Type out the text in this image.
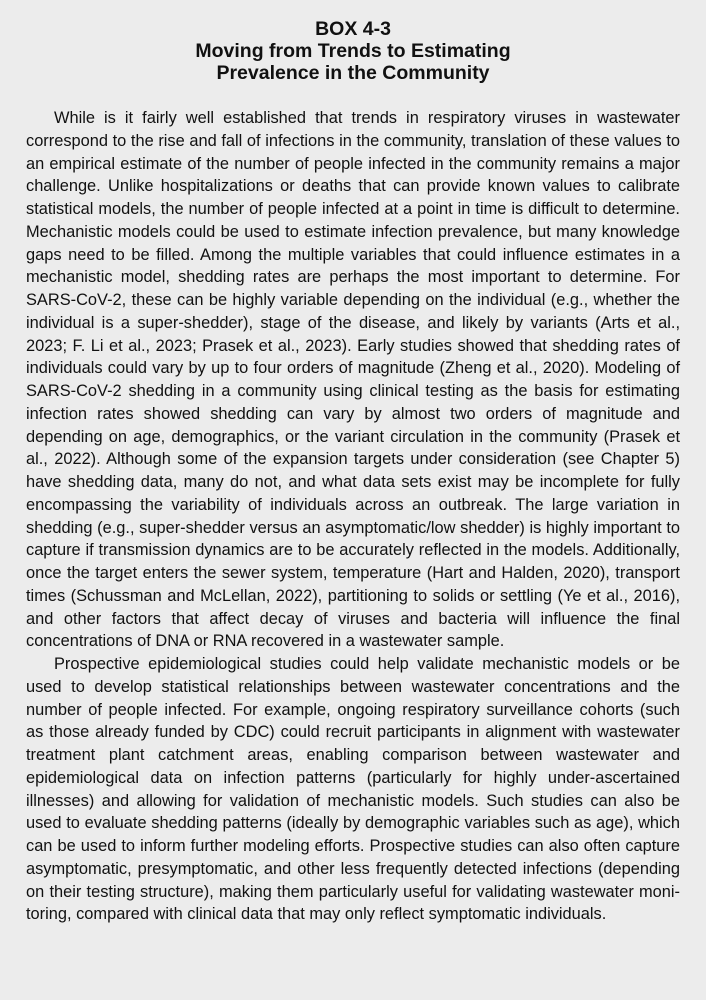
BOX 4-3
Moving from Trends to Estimating
Prevalence in the Community

While is it fairly well established that trends in respiratory viruses in wastewater correspond to the rise and fall of infections in the community, translation of these values to an empirical estimate of the number of people infected in the community remains a major challenge. Unlike hospitalizations or deaths that can provide known values to calibrate statistical models, the number of people infected at a point in time is difficult to determine. Mechanistic models could be used to estimate infection prevalence, but many knowledge gaps need to be filled. Among the multiple variables that could influence estimates in a mechanistic model, shedding rates are perhaps the most important to determine. For SARS-CoV-2, these can be highly variable depending on the individual (e.g., whether the individual is a super-shedder), stage of the disease, and likely by variants (Arts et al., 2023; F. Li et al., 2023; Prasek et al., 2023). Early studies showed that shedding rates of individuals could vary by up to four orders of magnitude (Zheng et al., 2020). Modeling of SARS-CoV-2 shedding in a community using clinical testing as the basis for estimating infection rates showed shedding can vary by almost two orders of magnitude and depending on age, demographics, or the variant circulation in the community (Prasek et al., 2022). Although some of the expansion targets under consideration (see Chapter 5) have shedding data, many do not, and what data sets exist may be incomplete for fully encompassing the variability of individuals across an outbreak. The large variation in shedding (e.g., super-shedder versus an asymptomatic/low shedder) is highly important to capture if transmission dynamics are to be accurately reflected in the models. Additionally, once the target enters the sewer system, temperature (Hart and Halden, 2020), transport times (Schussman and McLellan, 2022), partitioning to solids or settling (Ye et al., 2016), and other factors that affect decay of viruses and bacteria will influence the final concentrations of DNA or RNA recovered in a wastewater sample.

Prospective epidemiological studies could help validate mechanistic models or be used to develop statistical relationships between wastewater concentrations and the number of people infected. For example, ongoing respiratory surveillance cohorts (such as those already funded by CDC) could recruit participants in alignment with wastewater treatment plant catchment areas, enabling comparison between wastewater and epidemiological data on infection patterns (particularly for highly under-ascertained illnesses) and allowing for validation of mechanistic models. Such studies can also be used to evaluate shedding patterns (ideally by demographic variables such as age), which can be used to inform further modeling efforts. Prospective studies can also often capture asymptomatic, presymptomatic, and other less frequently detected infections (depending on their testing structure), making them particularly useful for validating wastewater monitoring, compared with clinical data that may only reflect symptomatic individuals.
